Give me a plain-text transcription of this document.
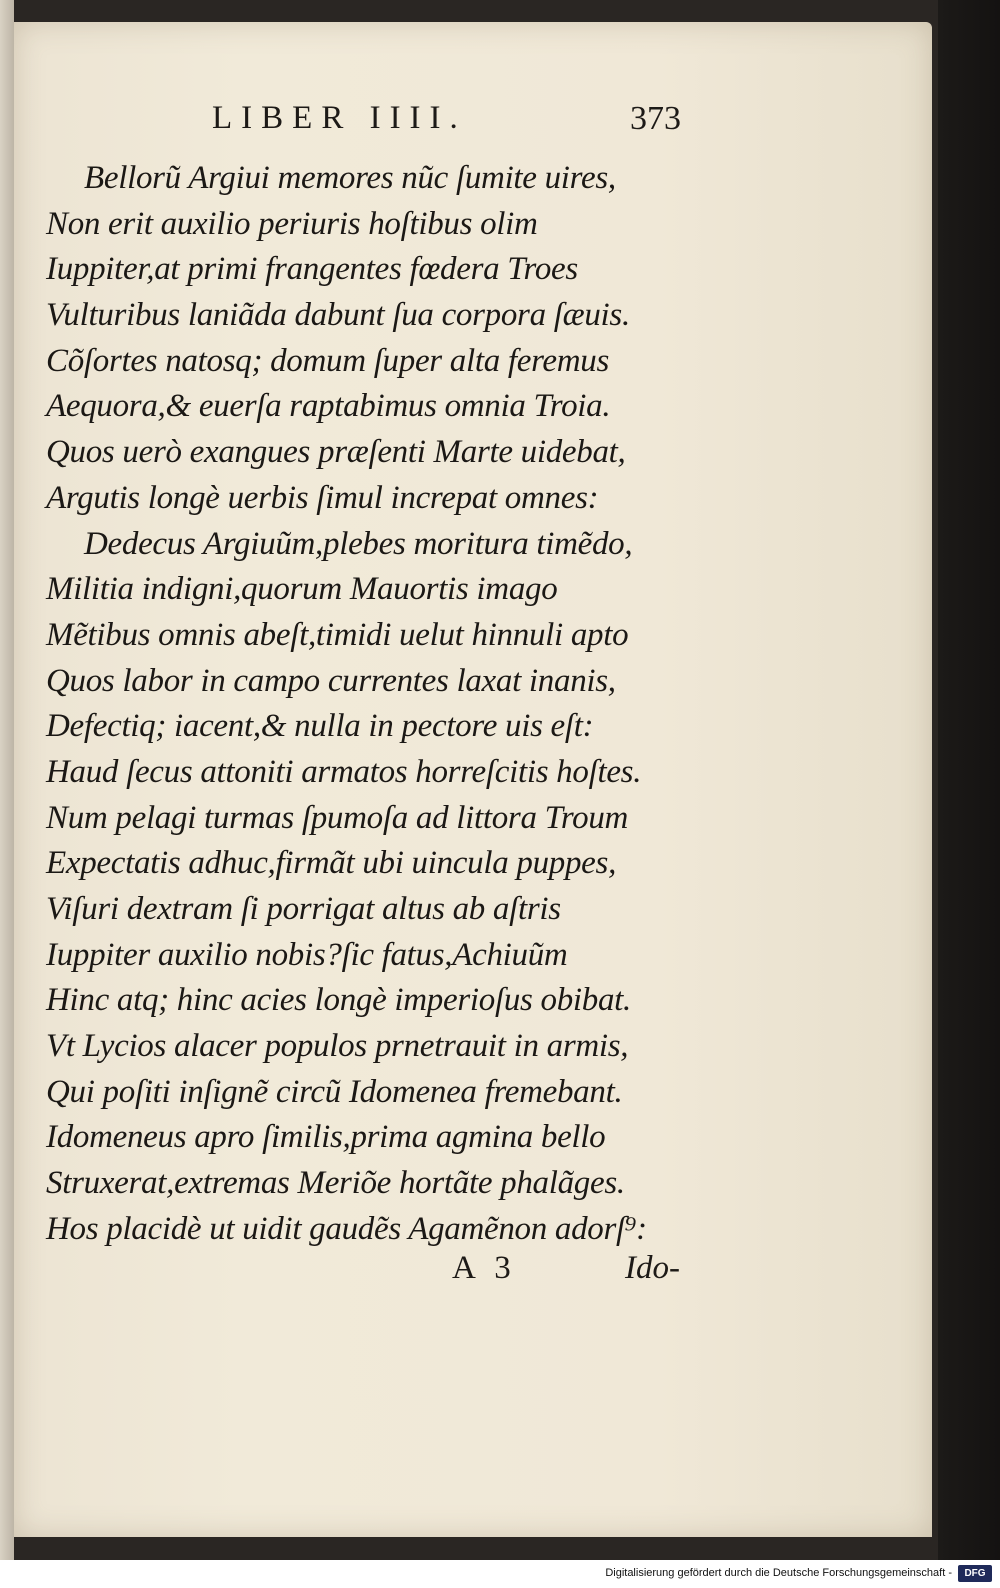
LIBER IIII.	373
Bellorũ Argiui memores nũc ſumite uires,
Non erit auxilio periuris hoſtibus olim
Iuppiter,at primi frangentes fœdera Troes
Vulturibus laniãda dabunt ſua corpora ſæuis.
Cõſortes natosq; domum ſuper alta feremus
Aequora,& euerſa raptabimus omnia Troia.
Quos uerò exangues præſenti Marte uidebat,
Argutis longè uerbis ſimul increpat omnes:
Dedecus Argiuũm,plebes moritura timẽdo,
Militia indigni,quorum Mauortis imago
Mẽtibus omnis abeſt,timidi uelut hinnuli apto
Quos labor in campo currentes laxat inanis,
Defectiq; iacent,& nulla in pectore uis eſt:
Haud ſecus attoniti armatos horreſcitis hoſtes.
Num pelagi turmas ſpumoſa ad littora Troum
Expectatis adhuc,firmãt ubi uincula puppes,
Viſuri dextram ſi porrigat altus ab aſtris
Iuppiter auxilio nobis?ſic fatus,Achiuũm
Hinc atq; hinc acies longè imperioſus obibat.
Vt Lycios alacer populos prnetrauit in armis,
Qui poſiti inſignẽ circũ Idomenea fremebant.
Idomeneus apro ſimilis,prima agmina bello
Struxerat,extremas Meriõe hortãte phalãges.
Hos placidè ut uidit gaudẽs Agamẽnon adorſ⁹:
A 3	Ido-
Digitalisierung gefördert durch die Deutsche Forschungsgemeinschaft -	DFG
